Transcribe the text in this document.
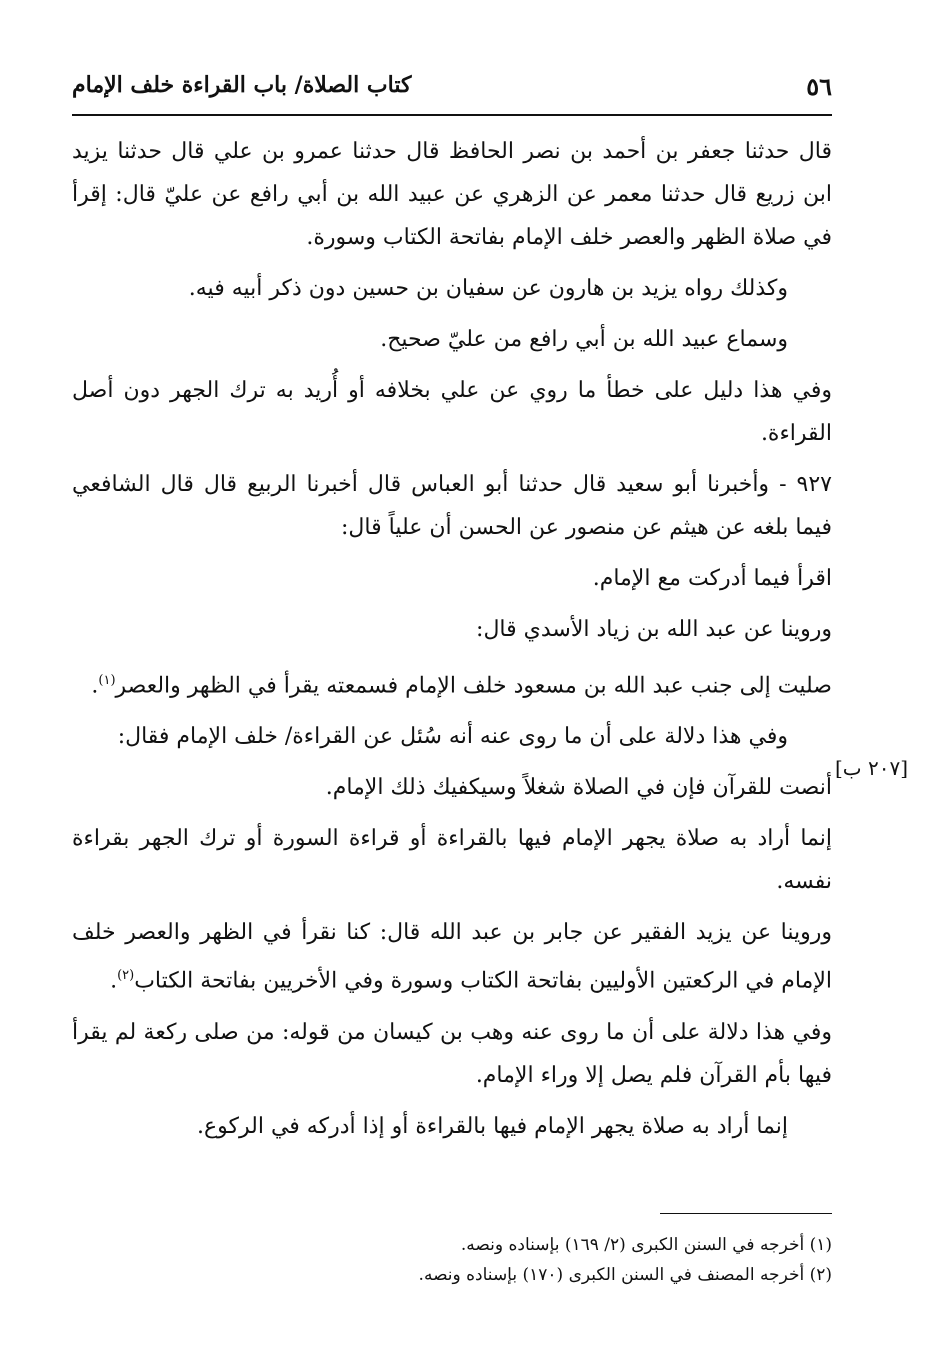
٥٦
كتاب الصلاة/ باب القراءة خلف الإمام
[٢٠٧ ب]

قال حدثنا جعفر بن أحمد بن نصر الحافظ قال حدثنا عمرو بن علي قال حدثنا يزيد ابن زريع قال حدثنا معمر عن الزهري عن عبيد الله بن أبي رافع عن عليّ قال: إقرأ في صلاة الظهر والعصر خلف الإمام بفاتحة الكتاب وسورة.

وكذلك رواه يزيد بن هارون عن سفيان بن حسين دون ذكر أبيه فيه.

وسماع عبيد الله بن أبي رافع من عليّ صحيح.

وفي هذا دليل على خطأ ما روي عن علي بخلافه أو أُريد به ترك الجهر دون أصل القراءة.

٩٢٧ - وأخبرنا أبو سعيد قال حدثنا أبو العباس قال أخبرنا الربيع قال قال الشافعي فيما بلغه عن هيثم عن منصور عن الحسن أن علياً قال:

اقرأ فيما أدركت مع الإمام.

وروينا عن عبد الله بن زياد الأسدي قال:

صليت إلى جنب عبد الله بن مسعود خلف الإمام فسمعته يقرأ في الظهر والعصر$^{(١)}$.

وفي هذا دلالة على أن ما روى عنه أنه سُئل عن القراءة/ خلف الإمام فقال:

أنصت للقرآن فإن في الصلاة شغلاً وسيكفيك ذلك الإمام.

إنما أراد به صلاة يجهر الإمام فيها بالقراءة أو قراءة السورة أو ترك الجهر بقراءة نفسه.

وروينا عن يزيد الفقير عن جابر بن عبد الله قال: كنا نقرأ في الظهر والعصر خلف الإمام في الركعتين الأوليين بفاتحة الكتاب وسورة وفي الأخريين بفاتحة الكتاب$^{(٢)}$.

وفي هذا دلالة على أن ما روى عنه وهب بن كيسان من قوله: من صلى ركعة لم يقرأ فيها بأم القرآن فلم يصل إلا وراء الإمام.

إنما أراد به صلاة يجهر الإمام فيها بالقراءة أو إذا أدركه في الركوع.

(١) أخرجه في السنن الكبرى (٢/ ١٦٩) بإسناده ونصه.

(٢) أخرجه المصنف في السنن الكبرى (١٧٠) بإسناده ونصه.
